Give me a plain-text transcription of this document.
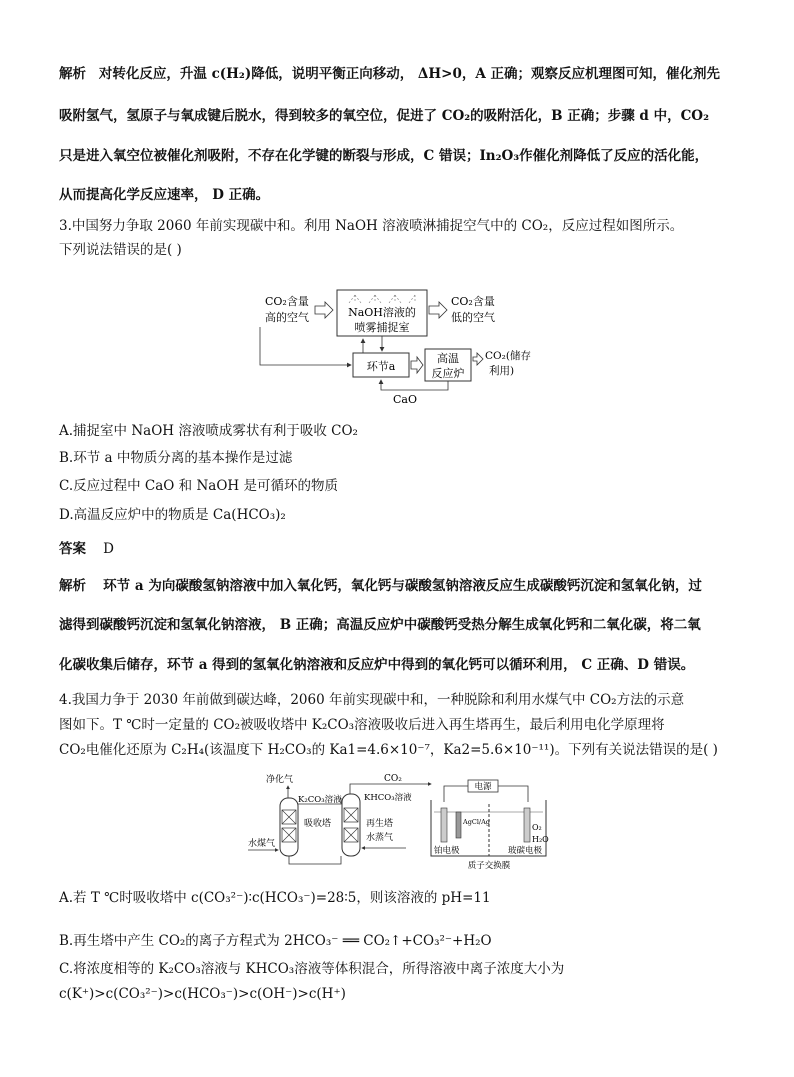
解析 对转化反应，升温 c(H₂)降低，说明平衡正向移动， ΔH>0，A 正确；观察反应机理图可知，催化剂先
吸附氢气，氢原子与氧成键后脱水，得到较多的氧空位，促进了 CO₂的吸附活化，B 正确；步骤 d 中，CO₂
只是进入氧空位被催化剂吸附，不存在化学键的断裂与形成，C 错误；In₂O₃作催化剂降低了反应的活化能，
从而提高化学反应速率， D 正确。
3.中国努力争取 2060 年前实现碳中和。利用 NaOH 溶液喷淋捕捉空气中的 CO₂，反应过程如图所示。
下列说法错误的是( )
CO₂含量
高的空气	NaOH溶液的
喷雾捕捉室
CO₂含量
低的空气
环节a
高温
反应炉
CO₂(储存
利用)
CaO
A.捕捉室中 NaOH 溶液喷成雾状有利于吸收 CO₂
B.环节 a 中物质分离的基本操作是过滤
C.反应过程中 CaO 和 NaOH 是可循环的物质
D.高温反应炉中的物质是 Ca(HCO₃)₂
答案 D
解析 环节 a 为向碳酸氢钠溶液中加入氧化钙，氧化钙与碳酸氢钠溶液反应生成碳酸钙沉淀和氢氧化钠，过
滤得到碳酸钙沉淀和氢氧化钠溶液， B 正确；高温反应炉中碳酸钙受热分解生成氧化钙和二氧化碳，将二氧
化碳收集后储存，环节 a 得到的氢氧化钠溶液和反应炉中得到的氧化钙可以循环利用， C 正确、D 错误。
4.我国力争于 2030 年前做到碳达峰，2060 年前实现碳中和，一种脱除和利用水煤气中 CO₂方法的示意
图如下。T ℃时一定量的 CO₂被吸收塔中 K₂CO₃溶液吸收后进入再生塔再生，最后利用电化学原理将
CO₂电催化还原为 C₂H₄(该温度下 H₂CO₃的 Ka1=4.6×10⁻⁷，Ka2=5.6×10⁻¹¹)。下列有关说法错误的是( )
净化气
K₂CO₃溶液
吸收塔
水煤气
CO₂
KHCO₃溶液
再生塔
水蒸气
电源
AgCl/Ag
O₂
H₂O
铂电极	玻碳电极
质子交换膜
A.若 T ℃时吸收塔中 c(CO₃²⁻)∶c(HCO₃⁻)=28∶5，则该溶液的 pH=11
B.再生塔中产生 CO₂的离子方程式为 2HCO₃⁻ ══ CO₂↑+CO₃²⁻+H₂O
C.将浓度相等的 K₂CO₃溶液与 KHCO₃溶液等体积混合，所得溶液中离子浓度大小为
c(K⁺)>c(CO₃²⁻)>c(HCO₃⁻)>c(OH⁻)>c(H⁺)
